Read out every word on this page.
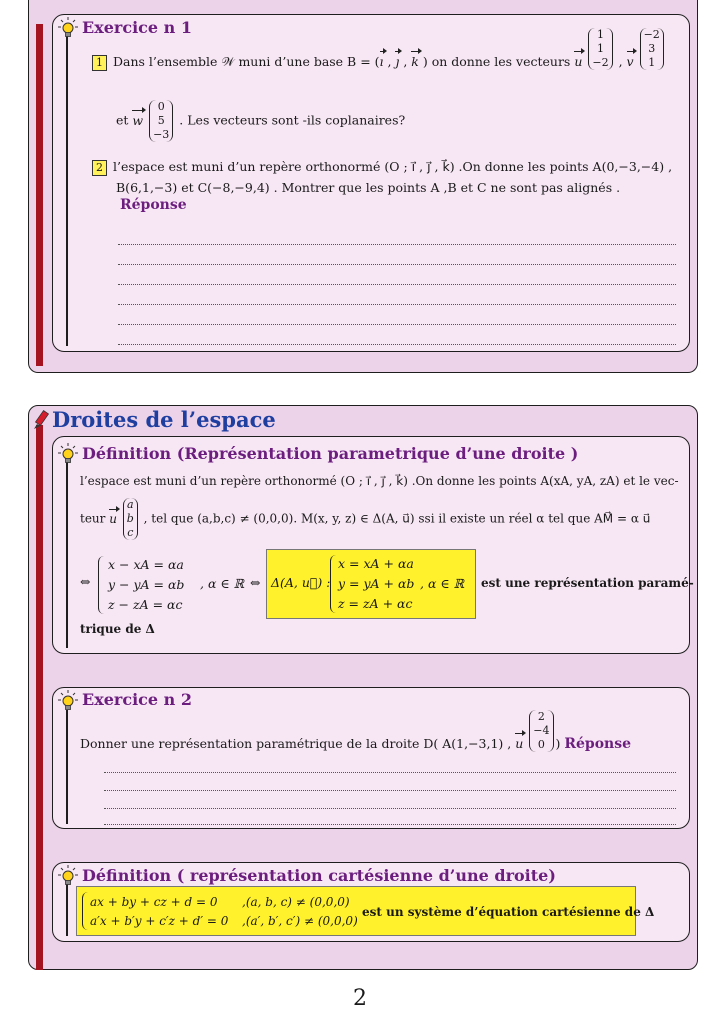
Exercice n 1
1 Dans l’ensemble 𝒲 muni d’une base B = (ı , ȷ , k ) on donne les vecteurs u
1
1
−2 , v
−2
3
1
et w
0
5
−3
. Les vecteurs sont -ils coplanaires?
2 l’espace est muni d’un repère orthonormé (O ; ı⃗ , ȷ⃗ , k⃗) .On donne les points A(0,−3,−4) ,
B(6,1,−3) et C(−8,−9,4) . Montrer que les points A ,B et C ne sont pas alignés .
Réponse
Droites de l’espace
Définition (Représentation parametrique d’une droite )
l’espace est muni d’un repère orthonormé (O ; ı⃗ , ȷ⃗ , k⃗) .On donne les points A(xA, yA, zA) et le vec-
teur u
a
b
c
, tel que (a,b,c) ≠ (0,0,0). M(x, y, z) ∈ Δ(A, u⃗) ssi il existe un réel α tel que AM⃗ = α u⃗
⇔
x − xA = αa
y − yA = αb
z − zA = αc
, α ∈ ℝ ⇔ Δ(A, u⃗) :
x = xA + αa
y = yA + αb
z = zA + αc
, α ∈ ℝ est une représentation paramé-
trique de Δ
Exercice n 2
Donner une représentation paramétrique de la droite D( A(1,−3,1) , u
2
−4
0 ) Réponse
Définition ( représentation cartésienne d’une droite)
ax + by + cz + d = 0
a′x + b′y + c′z + d′ = 0
,(a, b, c) ≠ (0,0,0)
,(a′, b′, c′) ≠ (0,0,0)
est un système d’équation cartésienne de Δ
2
